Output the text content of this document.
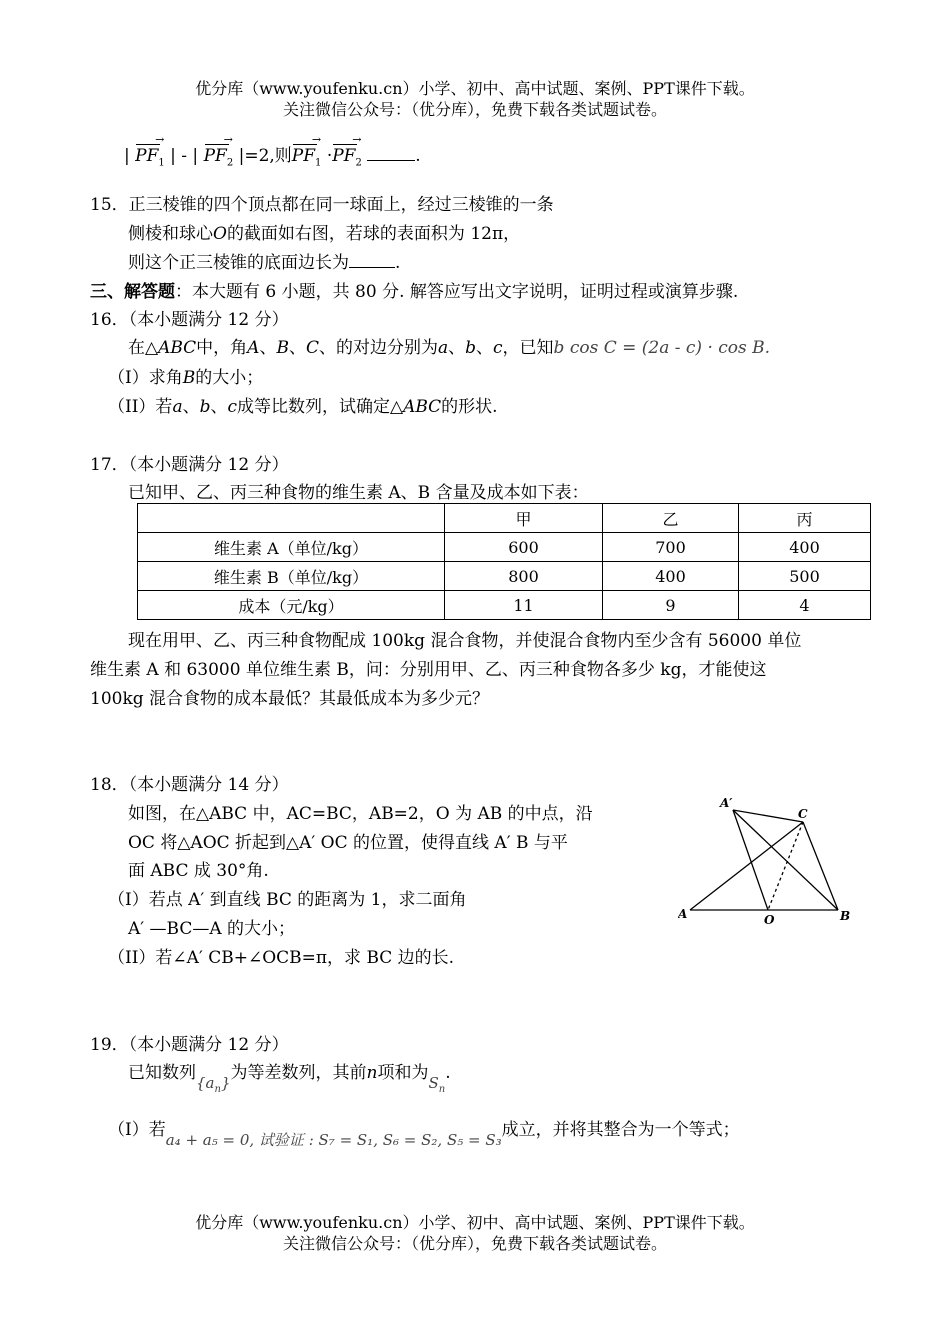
优分库（www.youfenku.cn）小学、初中、高中试题、案例、PPT课件下载。
关注微信公众号：（优分库），免费下载各类试题试卷。
| PF $\to_1$ | - | PF $\to_2$ |=2,则PF $\to_1 \cdot PF \to_2$	.
15．正三棱锥的四个顶点都在同一球面上，经过三棱锥的一条
侧棱和球心O的截面如右图，若球的表面积为 12π，
则这个正三棱锥的底面边长为	.
三、解答题：本大题有 6 小题，共 80 分. 解答应写出文字说明，证明过程或演算步骤.
16．（本小题满分 12 分）
在△ABC中，角A、B、C、的对边分别为a、b、c，已知b cos C = (2a - c) · cos B.
（I）求角B的大小；
（II）若a、b、c成等比数列，试确定△ABC的形状.
17．（本小题满分 12 分）
已知甲、乙、丙三种食物的维生素 A、B 含量及成本如下表：
	甲	乙	丙
维生素 A（单位/kg）	600	700	400
维生素 B（单位/kg）	800	400	500
成本（元/kg）	11	9	4
现在用甲、乙、丙三种食物配成 100kg 混合食物，并使混合食物内至少含有 56000 单位
维生素 A 和 63000 单位维生素 B，问：分别用甲、乙、丙三种食物各多少 kg，才能使这
100kg 混合食物的成本最低？其最低成本为多少元？
18．（本小题满分 14 分）
如图，在△ABC 中，AC=BC，AB=2，O 为 AB 的中点，沿
OC 将△AOC 折起到△A′ OC 的位置，使得直线 A′ B 与平
面 ABC 成 30°角.
（I）若点 A′ 到直线 BC 的距离为 1，求二面角
A′ —BC—A 的大小；
（II）若∠A′ CB+∠OCB=π，求 BC 边的长.
A′
C
A	O	B
19．（本小题满分 12 分）
已知数列$\{a_n\}$为等差数列，其前n项和为$S_n$.
（I）若a₄ + a₅ = 0, 试验证 : S₇ = S₁, S₆ = S₂, S₅ = S₃成立，并将其整合为一个等式；
优分库（www.youfenku.cn）小学、初中、高中试题、案例、PPT课件下载。
关注微信公众号：（优分库），免费下载各类试题试卷。
